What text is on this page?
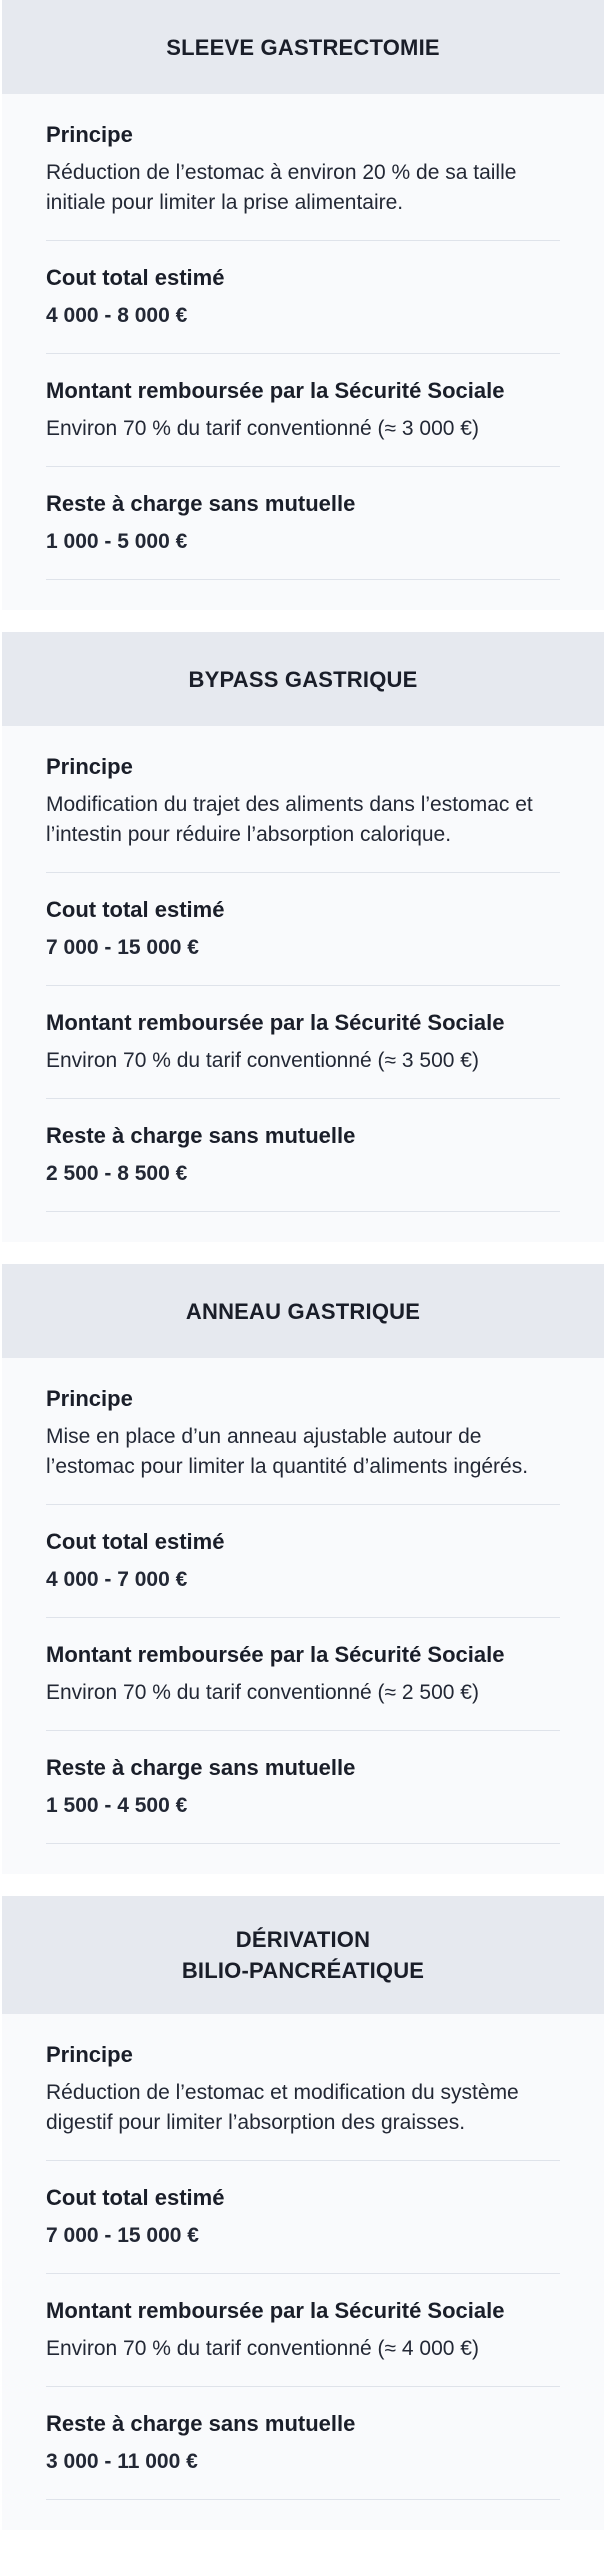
SLEEVE GASTRECTOMIE
Principe
Réduction de l’estomac à environ 20 % de sa taille initiale pour limiter la prise alimentaire.
Cout total estimé
4 000 - 8 000 €
Montant remboursée par la Sécurité Sociale
Environ 70 % du tarif conventionné (≈ 3 000 €)
Reste à charge sans mutuelle
1 000 - 5 000 €
BYPASS GASTRIQUE
Principe
Modification du trajet des aliments dans l’estomac et l’intestin pour réduire l’absorption calorique.
Cout total estimé
7 000 - 15 000 €
Montant remboursée par la Sécurité Sociale
Environ 70 % du tarif conventionné (≈ 3 500 €)
Reste à charge sans mutuelle
2 500 - 8 500 €
ANNEAU GASTRIQUE
Principe
Mise en place d’un anneau ajustable autour de l’estomac pour limiter la quantité d’aliments ingérés.
Cout total estimé
4 000 - 7 000 €
Montant remboursée par la Sécurité Sociale
Environ 70 % du tarif conventionné (≈ 2 500 €)
Reste à charge sans mutuelle
1 500 - 4 500 €
DÉRIVATION
BILIO-PANCRÉATIQUE
Principe
Réduction de l’estomac et modification du système digestif pour limiter l’absorption des graisses.
Cout total estimé
7 000 - 15 000 €
Montant remboursée par la Sécurité Sociale
Environ 70 % du tarif conventionné (≈ 4 000 €)
Reste à charge sans mutuelle
3 000 - 11 000 €
